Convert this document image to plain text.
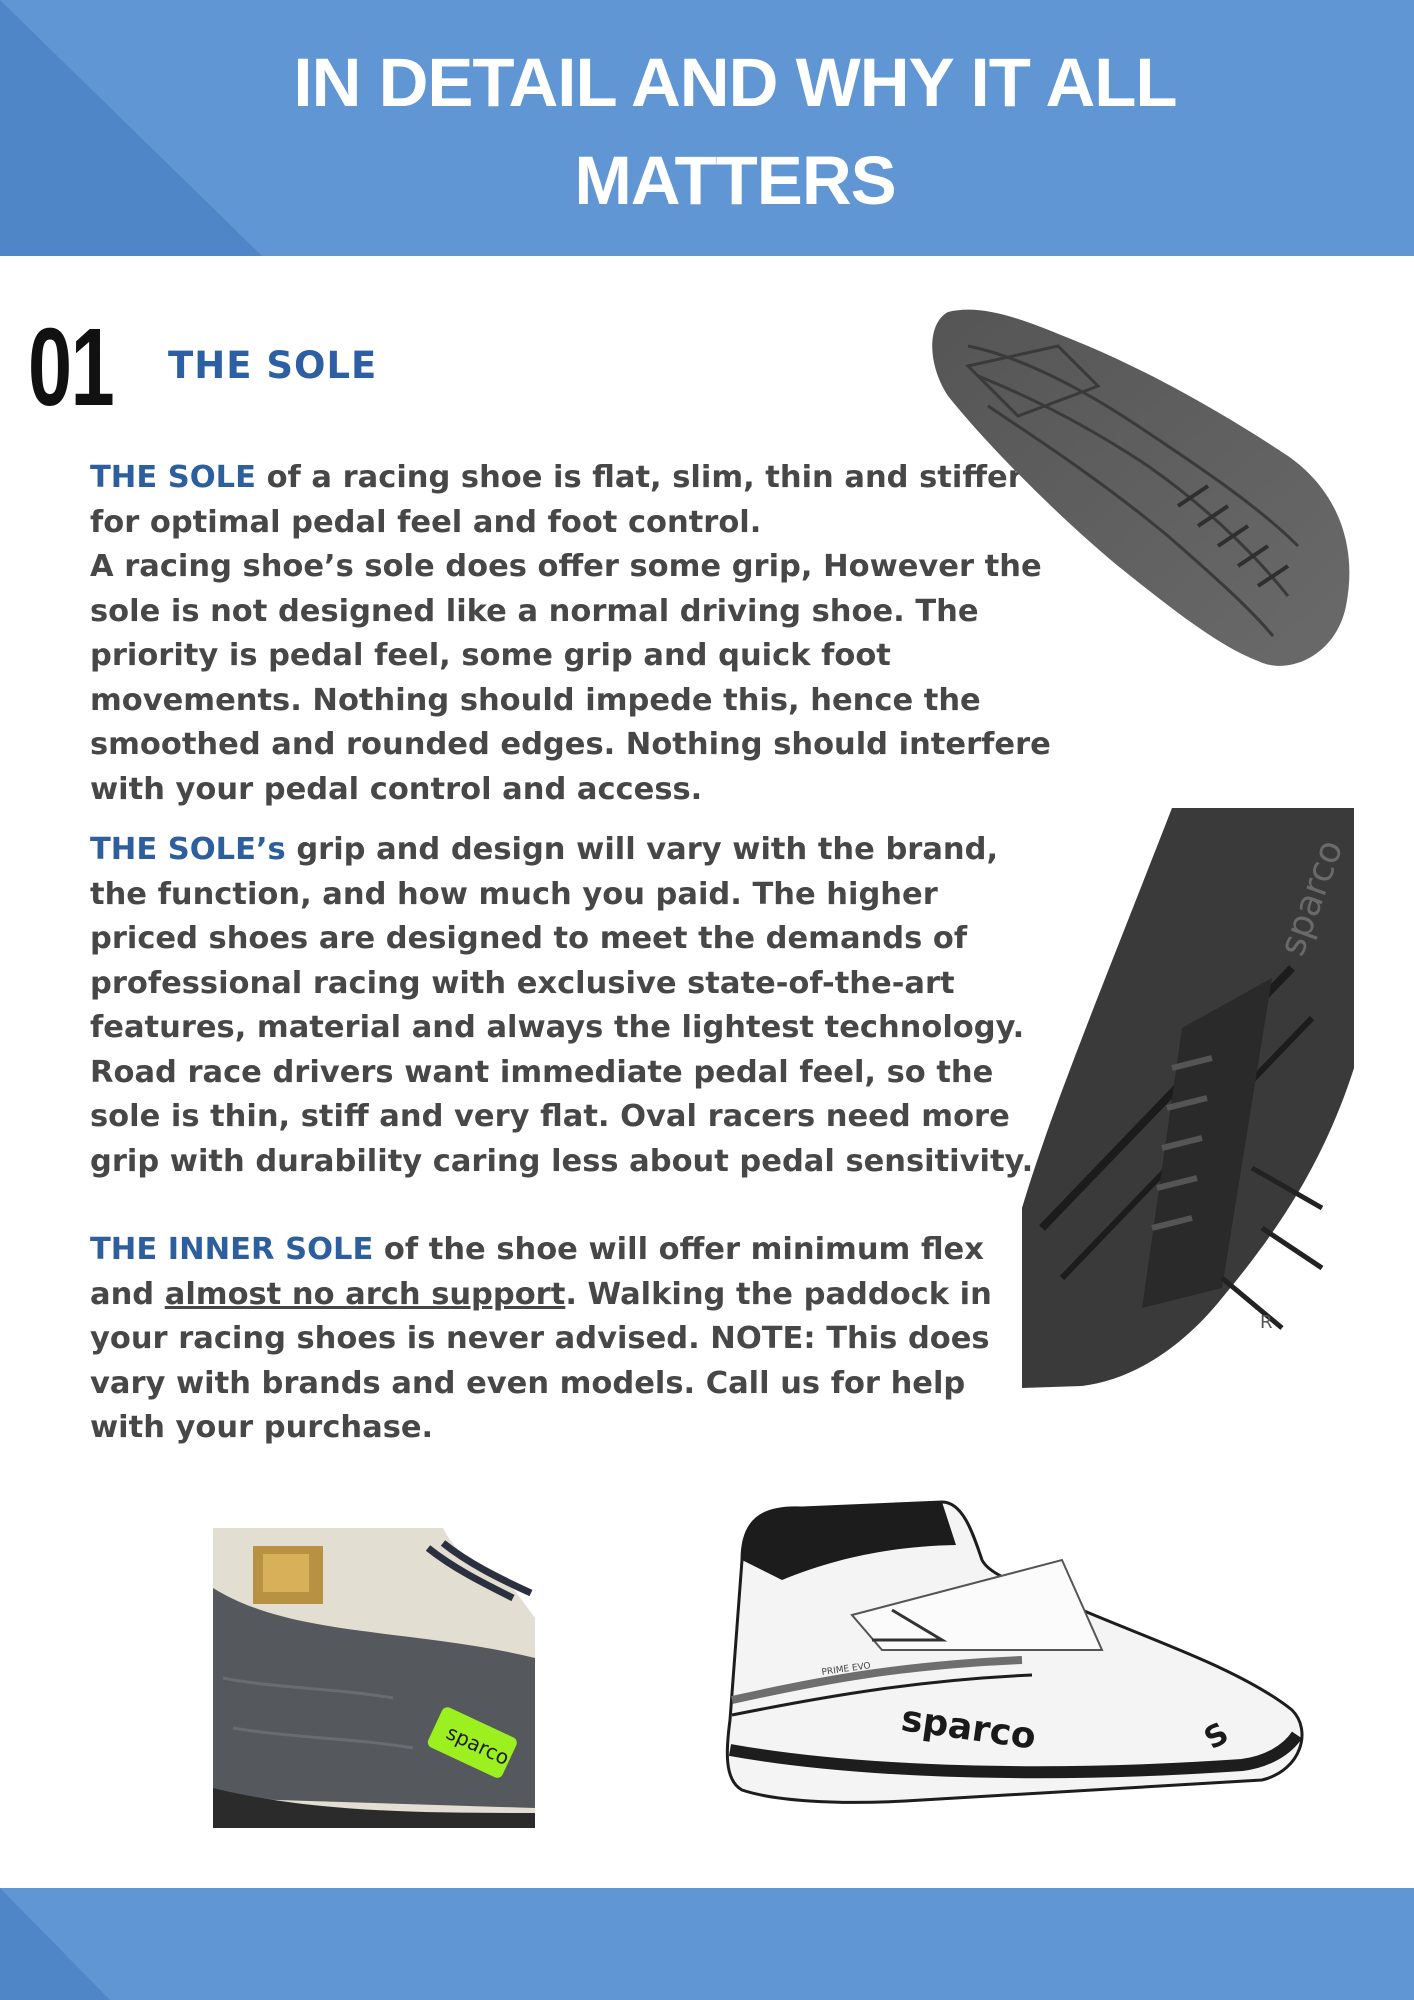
IN DETAIL AND WHY IT ALL
MATTERS
01 THE SOLE

THE SOLE of a racing shoe is flat, slim, thin and stiffer for optimal pedal feel and foot control.
A racing shoe’s sole does offer some grip, However the sole is not designed like a normal driving shoe. The priority is pedal feel, some grip and quick foot movements. Nothing should impede this, hence the smoothed and rounded edges. Nothing should interfere with your pedal control and access.

THE SOLE’s grip and design will vary with the brand, the function, and how much you paid. The higher priced shoes are designed to meet the demands of professional racing with exclusive state-of-the-art features, material and always the lightest technology. Road race drivers want immediate pedal feel, so the sole is thin, stiff and very flat. Oval racers need more grip with durability caring less about pedal sensitivity.

THE INNER SOLE of the shoe will offer minimum flex and almost no arch support. Walking the paddock in your racing shoes is never advised. NOTE: This does vary with brands and even models. Call us for help with your purchase.

sparco
R
sparco	sparco
PRIME EVO
S
